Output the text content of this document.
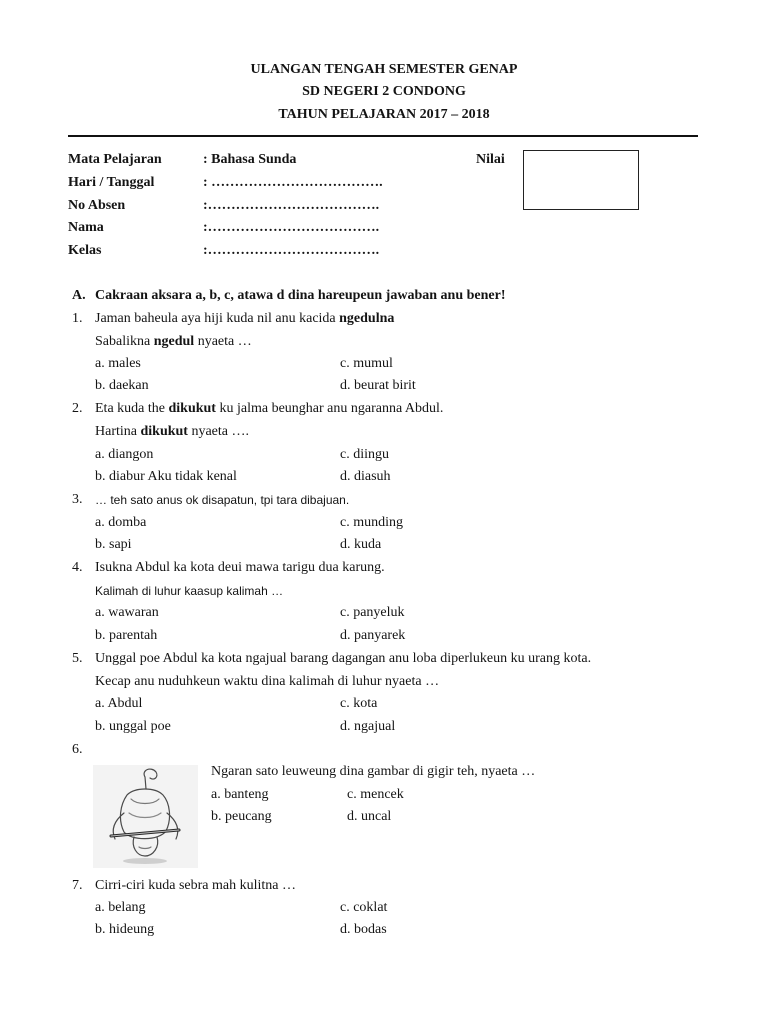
ULANGAN TENGAH SEMESTER GENAP
SD NEGERI 2 CONDONG
TAHUN PELAJARAN 2017 – 2018
Mata Pelajaran	: Bahasa Sunda
Hari / Tanggal	: ……………………………….
No Absen	:……………………………….
Nama	:……………………………….
Kelas	:……………………………….
Nilai
A. Cakraan aksara a, b, c, atawa d dina hareupeun jawaban anu bener!
1. Jaman baheula aya hiji kuda nil anu kacida ngedulna
Sabalikna ngedul nyaeta …
a. males	c. mumul
b. daekan	d. beurat birit
2. Eta kuda the dikukut ku jalma beunghar anu ngaranna Abdul.
Hartina dikukut nyaeta ….
a. diangon	c. diingu
b. diabur Aku tidak kenal	d. diasuh
3. … teh sato anus ok disapatun, tpi tara dibajuan.
a. domba	c. munding
b. sapi	d. kuda
4. Isukna Abdul ka kota deui mawa tarigu dua karung.
Kalimah di luhur kaasup kalimah …
a. wawaran	c. panyeluk
b. parentah	d. panyarek
5. Unggal poe Abdul ka kota ngajual barang dagangan anu loba diperlukeun ku urang kota.
Kecap anu nuduhkeun waktu dina kalimah di luhur nyaeta …
a. Abdul	c. kota
b. unggal poe	d. ngajual
6.
Ngaran sato leuweung dina gambar di gigir teh, nyaeta …
a. banteng	c. mencek
b. peucang	d. uncal
7. Cirri-ciri kuda sebra mah kulitna …
a. belang	c. coklat
b. hideung	d. bodas
